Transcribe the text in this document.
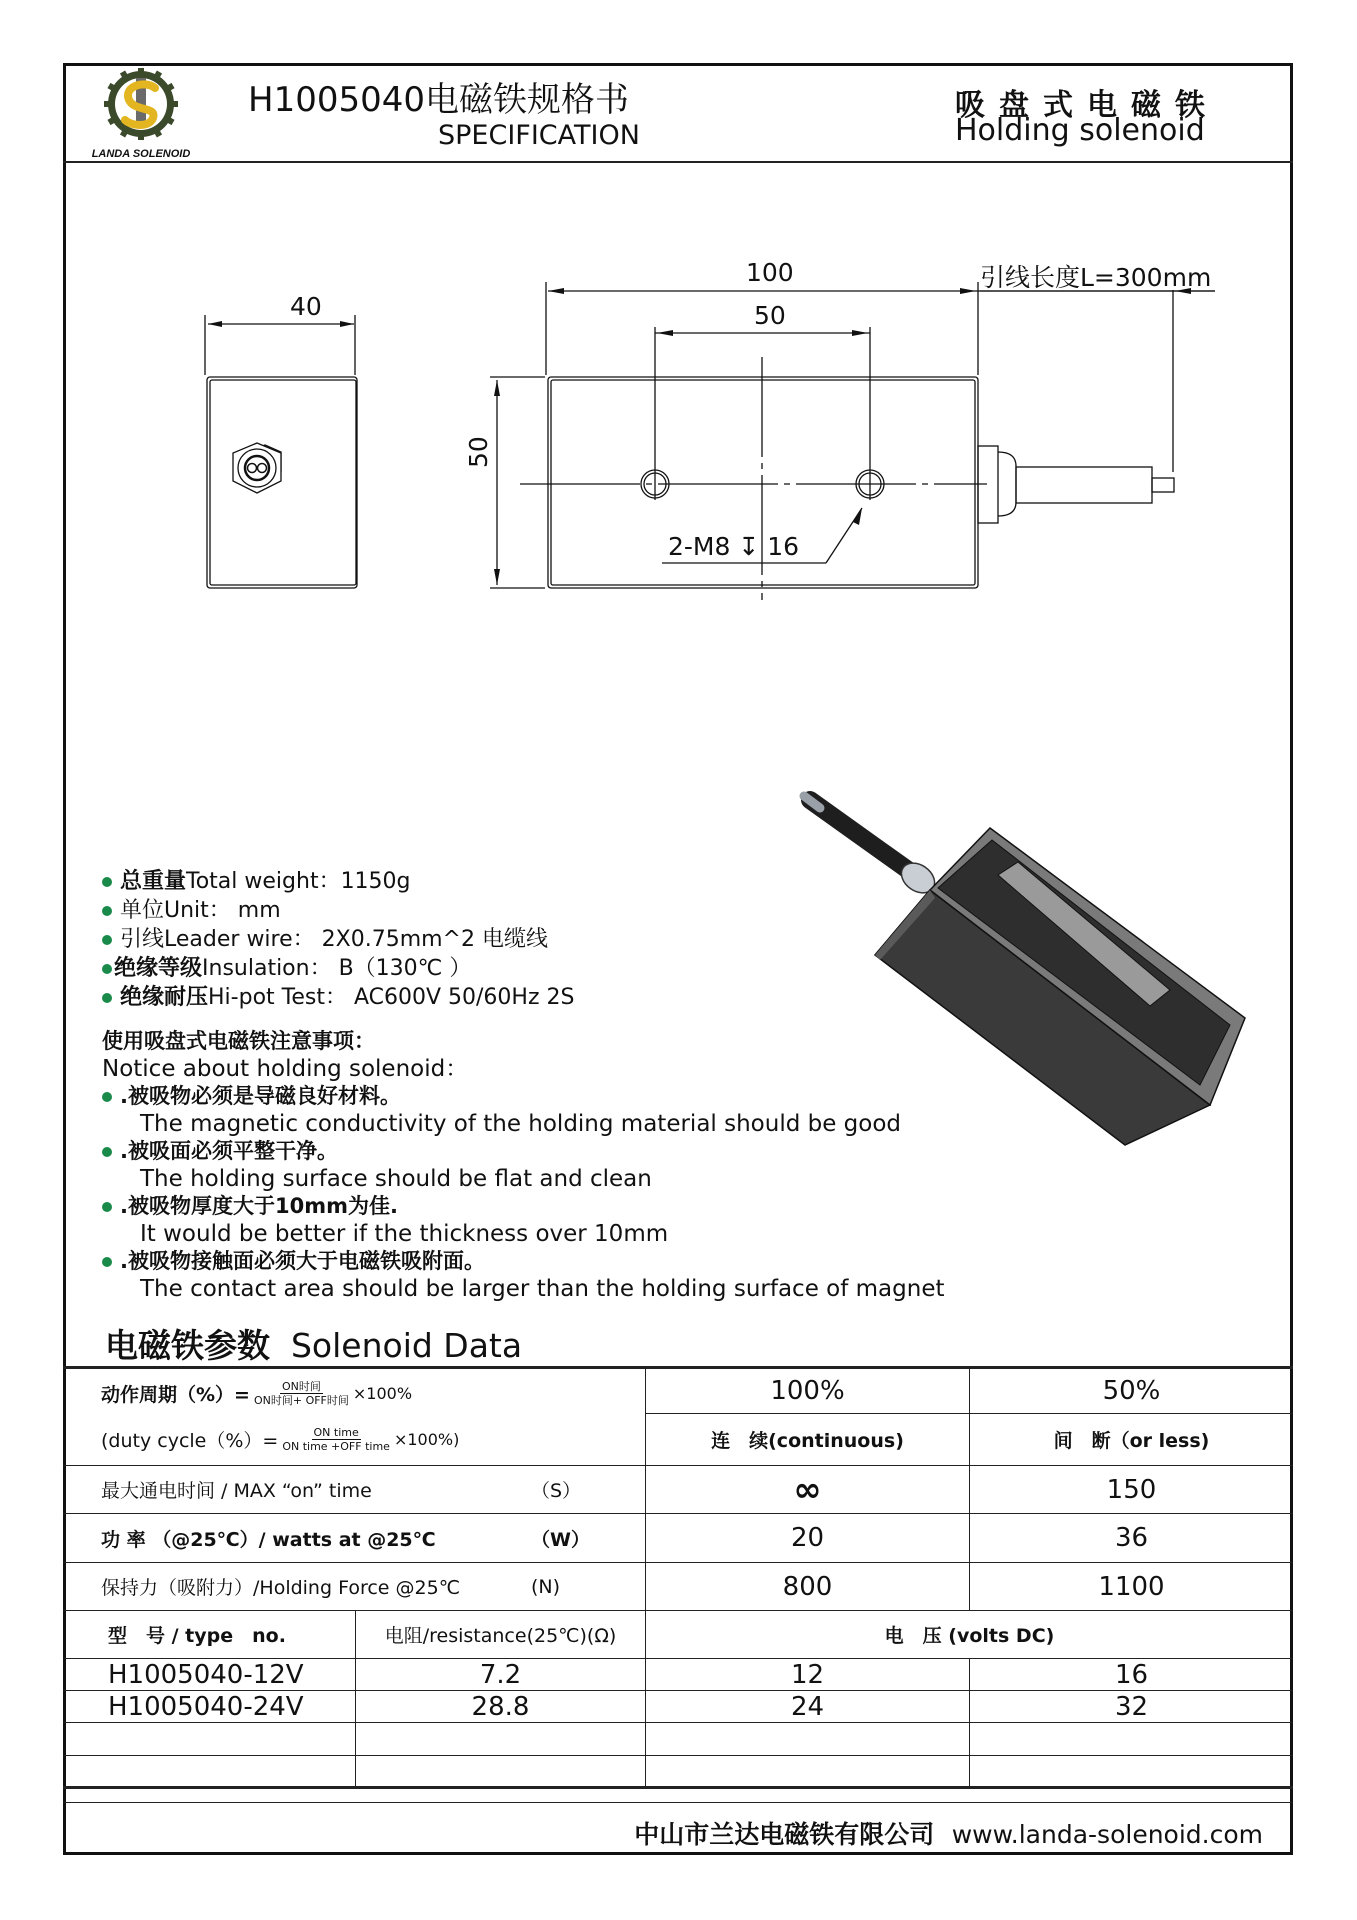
LANDA SOLENOID
H1005040电磁铁规格书
SPECIFICATION
吸盘式电磁铁
Holding solenoid
40
100
50
50
2-M8 ↧ 16
引线长度L=300mm
总重量Total weight：1150g
单位Unit： mm
引线Leader wire： 2X0.75mm^2 电缆线
绝缘等级Insulation： B（130℃ ）
绝缘耐压Hi-pot Test： AC600V 50/60Hz 2S
使用吸盘式电磁铁注意事项：
Notice about holding solenoid：
.被吸物必须是导磁良好材料。
The magnetic conductivity of the holding material should be good
.被吸面必须平整干净。
The holding surface should be flat and clean
.被吸物厚度大于10mm为佳.
It would be better if the thickness over 10mm
.被吸物接触面必须大于电磁铁吸附面。
The contact area should be larger than the holding surface of magnet
电磁铁参数 Solenoid Data
动作周期（%）= $\frac{\text{ON时间}}{\text{ON时间+ OFF时间}} \times 100\%$
(duty cycle（%）= $\frac{\text{ON time}}{\text{ON time +OFF time}} \times 100\%$)
100%	50%
连　续(continuous)	间　断（or less)
最大通电时间 / MAX “on” time	（S）	∞	150
功 率 （@25℃）/ watts at @25℃	（W）	20	36
保持力（吸附力）/Holding Force @25℃	(N)	800	1100
型　号 / type　no.	电阻/resistance(25℃)(Ω)	电　压 (volts DC)
H1005040-12V	7.2	12	16
H1005040-24V	28.8	24	32
中山市兰达电磁铁有限公司 www.landa-solenoid.com
